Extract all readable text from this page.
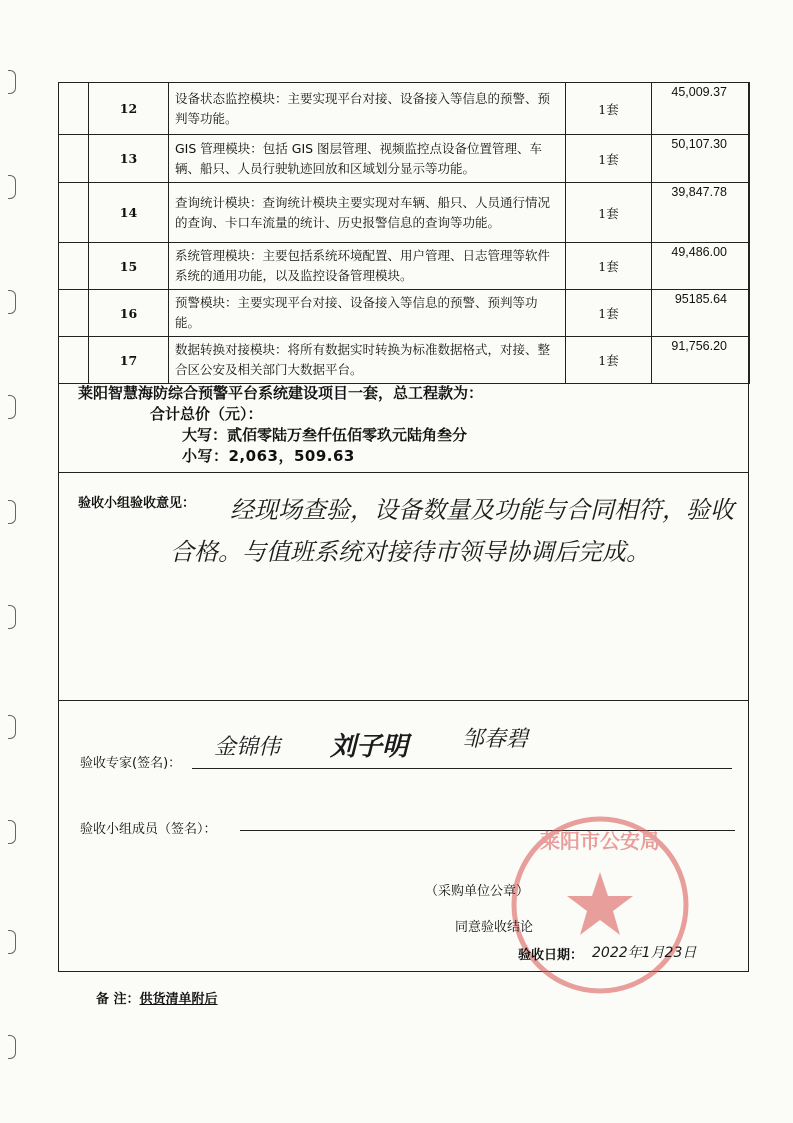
	12	设备状态监控模块：主要实现平台对接、设备接入等信息的预警、预判等功能。	1套	45,009.37
	13	GIS 管理模块：包括 GIS 图层管理、视频监控点设备位置管理、车辆、船只、人员行驶轨迹回放和区域划分显示等功能。	1套	50,107.30
	14	查询统计模块：查询统计模块主要实现对车辆、船只、人员通行情况的查询、卡口车流量的统计、历史报警信息的查询等功能。	1套	39,847.78
	15	系统管理模块：主要包括系统环境配置、用户管理、日志管理等软件系统的通用功能，以及监控设备管理模块。	1套	49,486.00
	16	预警模块：主要实现平台对接、设备接入等信息的预警、预判等功能。	1套	95185.64
	17	数据转换对接模块：将所有数据实时转换为标准数据格式，对接、整合区公安及相关部门大数据平台。	1套	91,756.20
莱阳智慧海防综合预警平台系统建设项目一套，总工程款为：
合计总价（元）：
大写：贰佰零陆万叁仟伍佰零玖元陆角叁分
小写：2,063，509.63
验收小组验收意见： 经现场查验，设备数量及功能与合同相符，验收
合格。与值班系统对接待市领导协调后完成。
验收专家(签名)：
金锦伟 刘子明 邹春碧
验收小组成员（签名）：	莱阳市公安局
（采购单位公章）
同意验收结论
验收日期： 2022年1月23日
备 注：供货清单附后
